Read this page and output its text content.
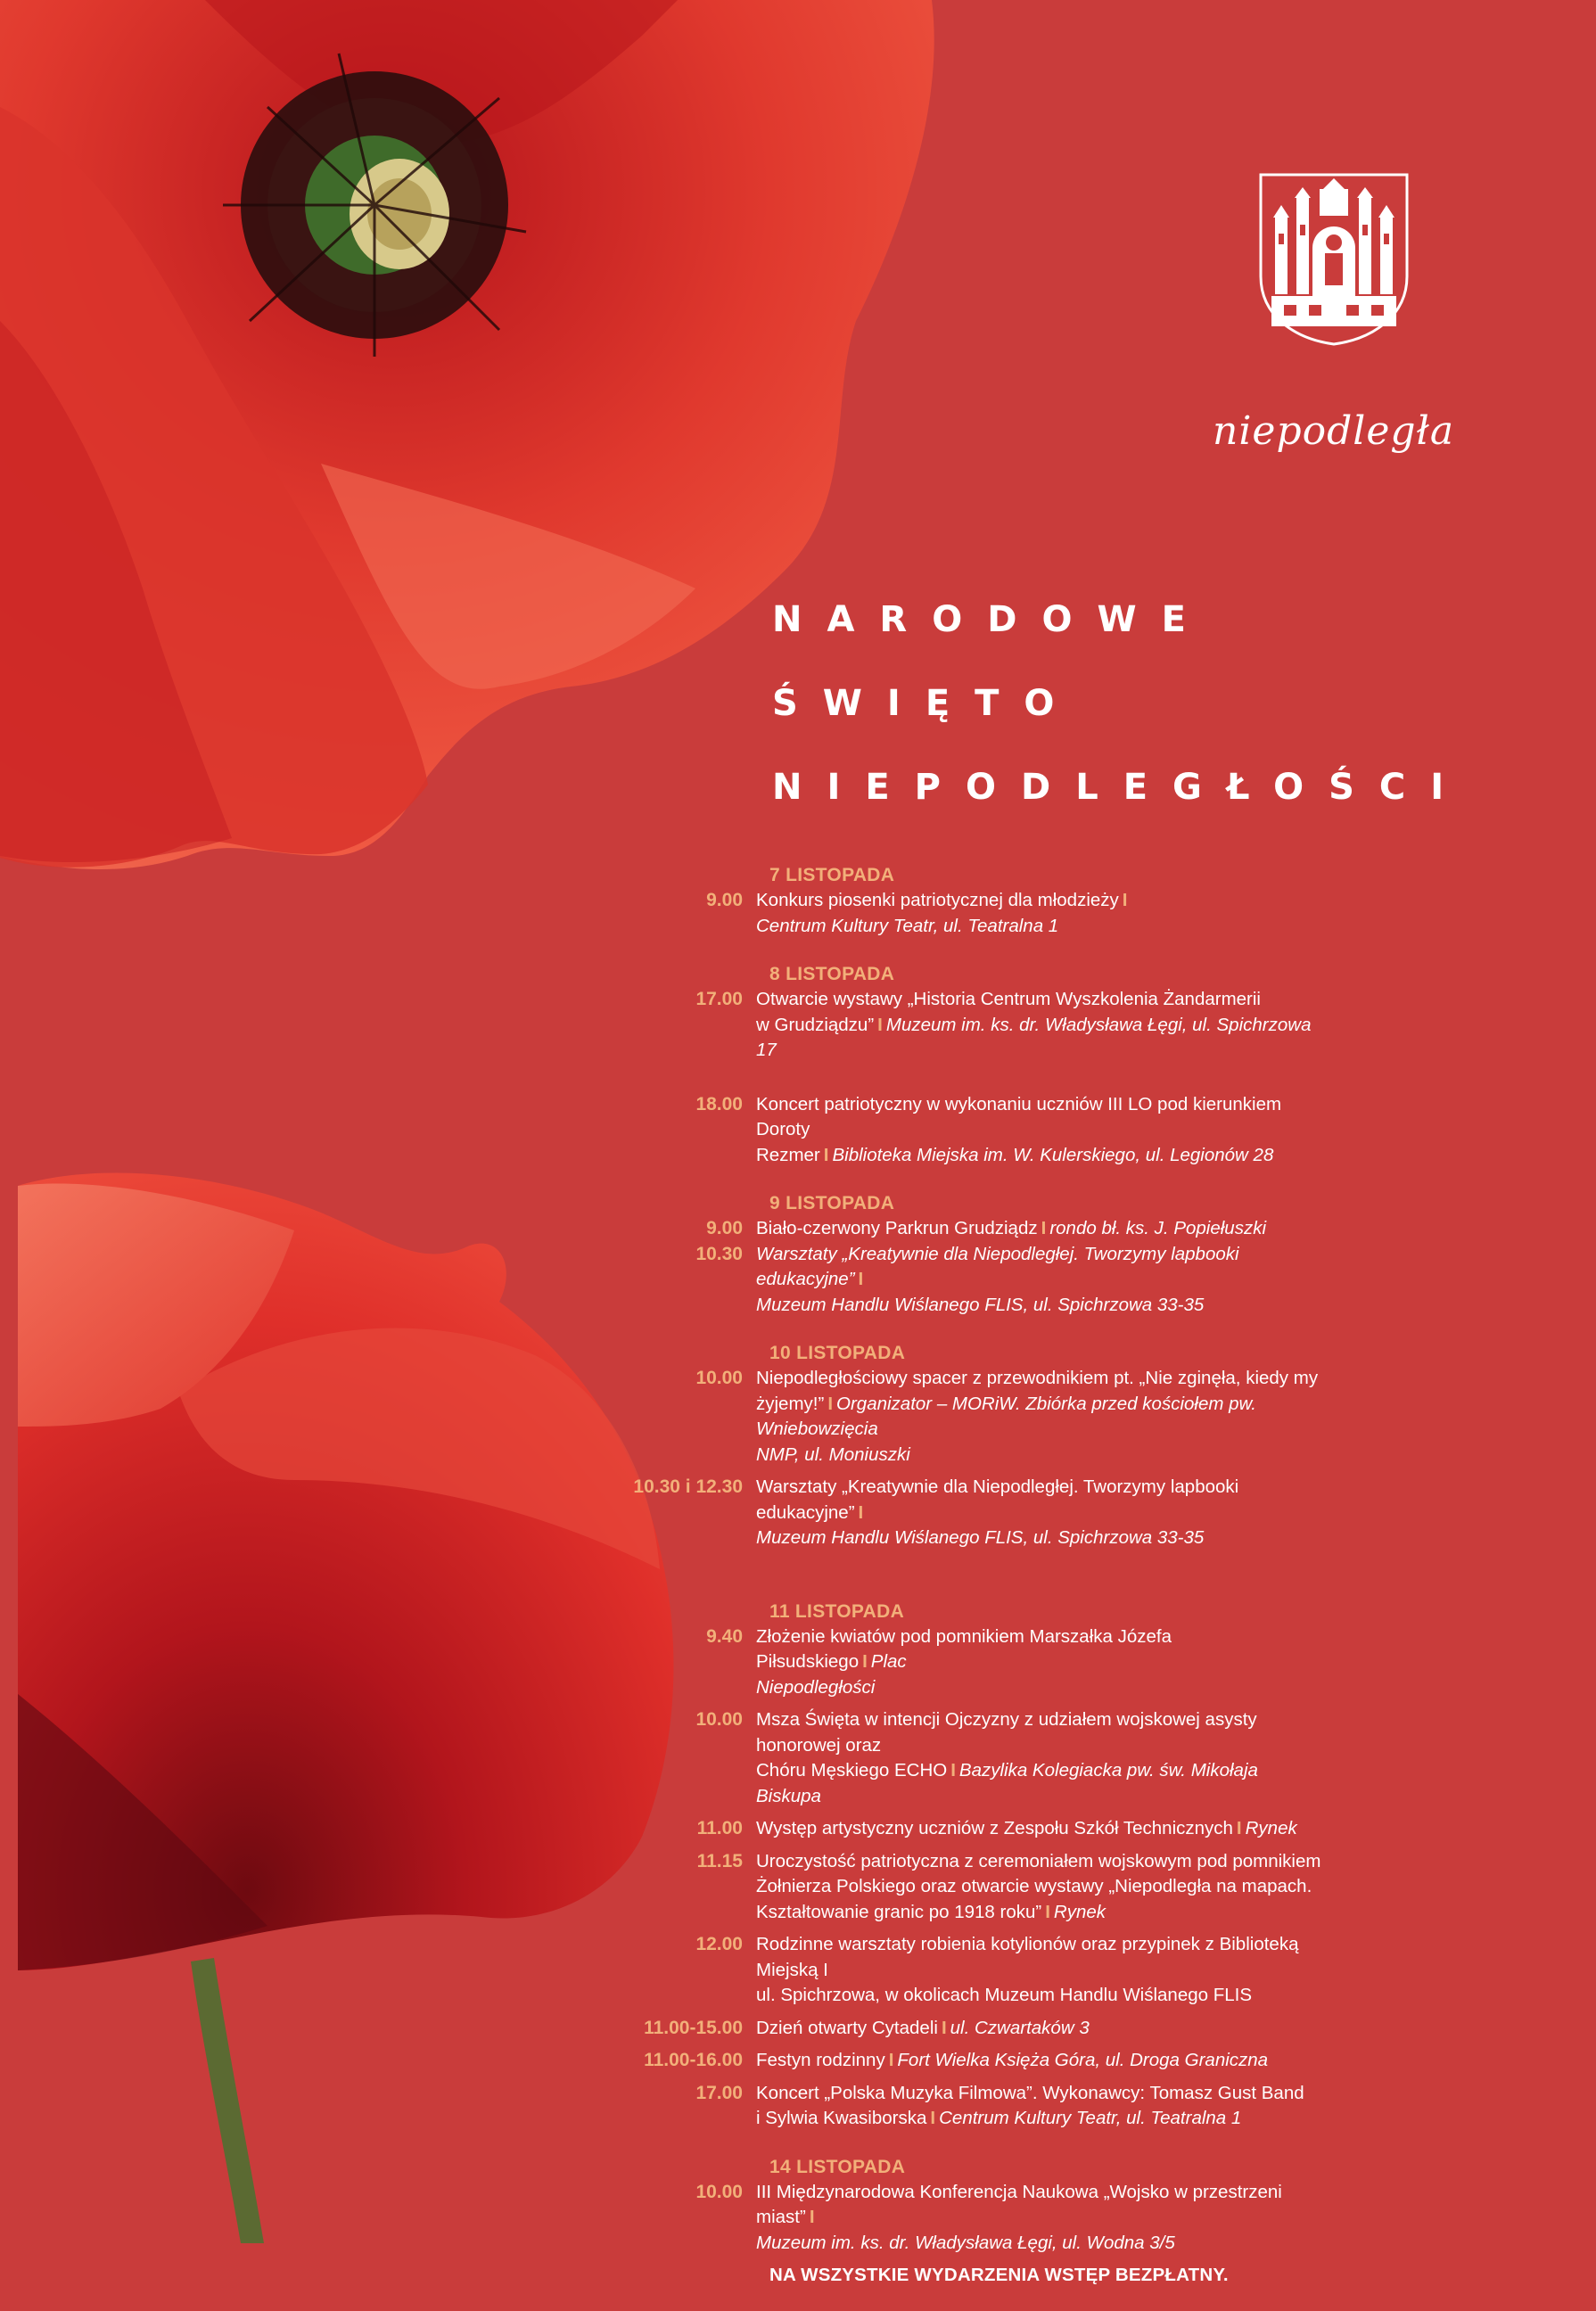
niepodległa
NARODOWE
ŚWIĘTO
NIEPODLEGŁOŚCI
7 LISTOPADA
9.00 Konkurs piosenki patriotycznej dla młodzieży I
Centrum Kultury Teatr, ul. Teatralna 1
8 LISTOPADA
17.00 Otwarcie wystawy „Historia Centrum Wyszkolenia Żandarmerii
w Grudziądzu” I Muzeum im. ks. dr. Władysława Łęgi, ul. Spichrzowa 17
18.00 Koncert patriotyczny w wykonaniu uczniów III LO pod kierunkiem Doroty
Rezmer I Biblioteka Miejska im. W. Kulerskiego, ul. Legionów 28
9 LISTOPADA
9.00 Biało-czerwony Parkrun Grudziądz I rondo bł. ks. J. Popiełuszki
10.30 Warsztaty „Kreatywnie dla Niepodległej. Tworzymy lapbooki edukacyjne” I
Muzeum Handlu Wiślanego FLIS, ul. Spichrzowa 33-35
10 LISTOPADA
10.00 Niepodległościowy spacer z przewodnikiem pt. „Nie zginęła, kiedy my
żyjemy!” I Organizator – MORiW. Zbiórka przed kościołem pw. Wniebowzięcia
NMP, ul. Moniuszki
10.30 i 12.30 Warsztaty „Kreatywnie dla Niepodległej. Tworzymy lapbooki edukacyjne” I
Muzeum Handlu Wiślanego FLIS, ul. Spichrzowa 33-35
11 LISTOPADA
9.40 Złożenie kwiatów pod pomnikiem Marszałka Józefa Piłsudskiego I Plac
Niepodległości
10.00 Msza Święta w intencji Ojczyzny z udziałem wojskowej asysty honorowej oraz
Chóru Męskiego ECHO I Bazylika Kolegiacka pw. św. Mikołaja Biskupa
11.00 Występ artystyczny uczniów z Zespołu Szkół Technicznych I Rynek
11.15 Uroczystość patriotyczna z ceremoniałem wojskowym pod pomnikiem
Żołnierza Polskiego oraz otwarcie wystawy „Niepodległa na mapach.
Kształtowanie granic po 1918 roku” I Rynek
12.00 Rodzinne warsztaty robienia kotylionów oraz przypinek z Biblioteką Miejską I
ul. Spichrzowa, w okolicach Muzeum Handlu Wiślanego FLIS
11.00-15.00 Dzień otwarty Cytadeli I ul. Czwartaków 3
11.00-16.00 Festyn rodzinny I Fort Wielka Księża Góra, ul. Droga Graniczna
17.00 Koncert „Polska Muzyka Filmowa”. Wykonawcy: Tomasz Gust Band
i Sylwia Kwasiborska I Centrum Kultury Teatr, ul. Teatralna 1
14 LISTOPADA
10.00 III Międzynarodowa Konferencja Naukowa „Wojsko w przestrzeni miast” I
Muzeum im. ks. dr. Władysława Łęgi, ul. Wodna 3/5
NA WSZYSTKIE WYDARZENIA WSTĘP BEZPŁATNY.
